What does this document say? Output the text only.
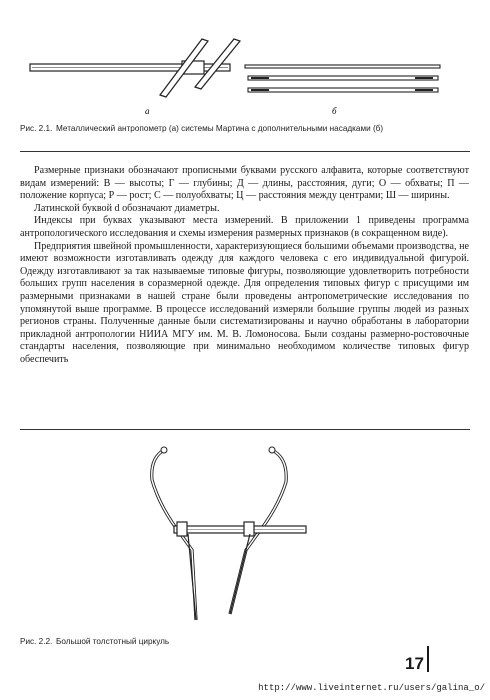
а	б
Рис. 2.1. Металлический антропометр (а) системы Мартина с дополнительными насадками (б)

Размерные признаки обозначают прописными буквами русского алфавита, которые соответствуют видам измерений: В — высоты; Г — глубины; Д — длины, расстояния, дуги; О — обхваты; П — положение корпуса; Р — рост; С — полуобхваты; Ц — расстояния между центрами; Ш — ширины.

Латинской буквой d обозначают диаметры.

Индексы при буквах указывают места измерений. В приложении 1 приведены программа антропологического исследования и схемы измерения размерных признаков (в сокращенном виде).

Предприятия швейной промышленности, характеризующиеся большими объемами производства, не имеют возможности изготавливать одежду для каждого человека с его индивидуальной фигурой. Одежду изготавливают за так называемые типовые фигуры, позволяющие удовлетворить потребности больших групп населения в соразмерной одежде. Для определения типовых фигур с присущими им размерными признаками в нашей стране были проведены антропометрические исследования по упомянутой выше программе. В процессе исследований измеряли большие группы людей из разных регионов страны. Полученные данные были систематизированы и научно обработаны в лаборатории прикладной антропологии НИИА МГУ им. М. В. Ломоносова. Были созданы размерно-ростовочные стандарты населения, позволяющие при минимально необходимом количестве типовых фигур обеспечить

Рис. 2.2. Большой толстотный циркуль
17
http://www.liveinternet.ru/users/galina_o/
